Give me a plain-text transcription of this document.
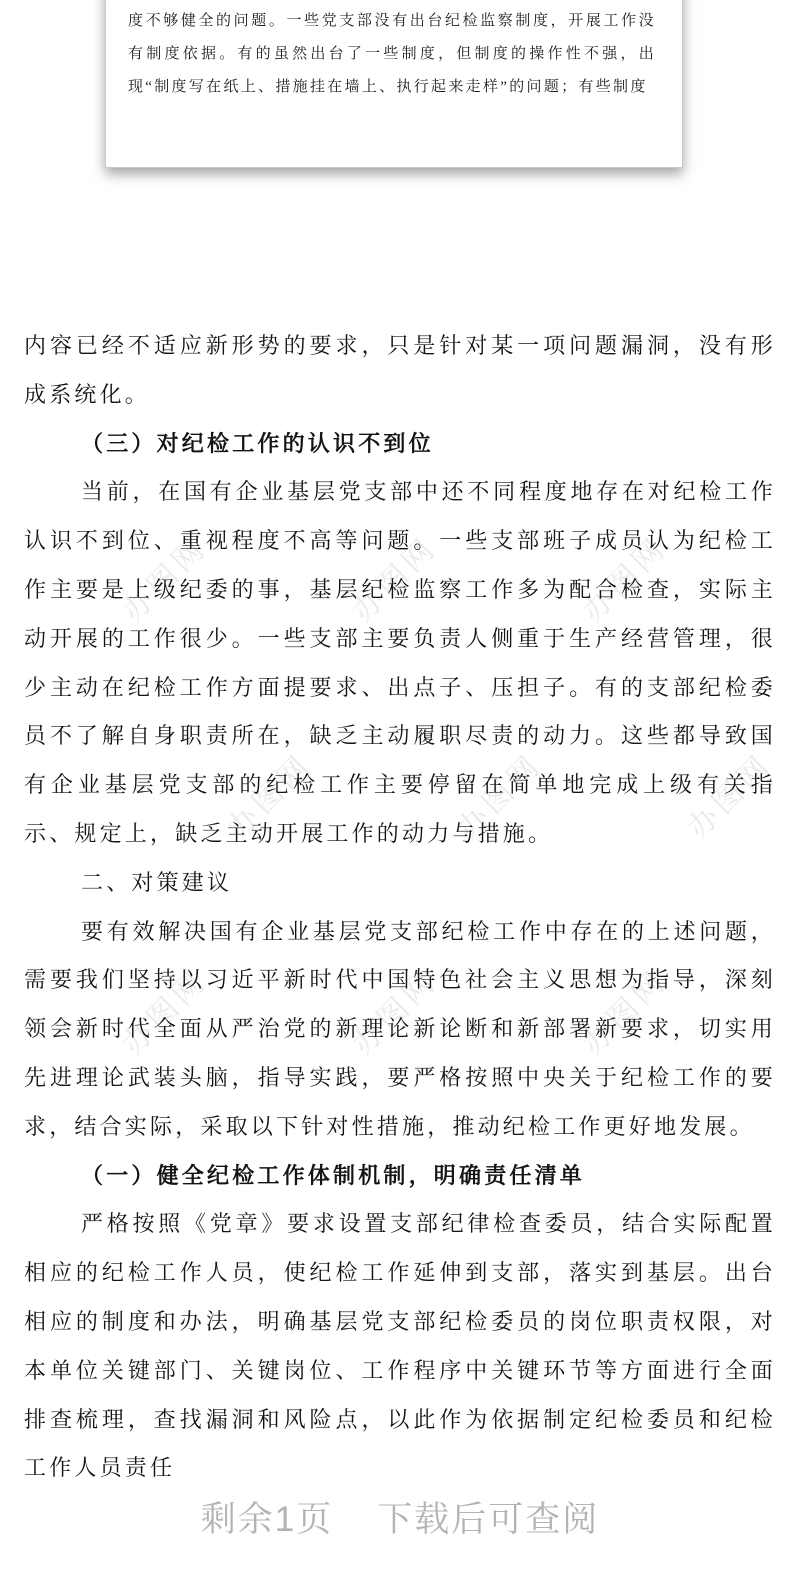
办图网	办图网	办图网
办图网	办图网	办图网
办图网	办图网	办图网

度不够健全的问题。一些党支部没有出台纪检监察制度，开展工作没有制度依据。有的虽然出台了一些制度，但制度的操作性不强，出现“制度写在纸上、措施挂在墙上、执行起来走样”的问题；有些制度

内容已经不适应新形势的要求，只是针对某一项问题漏洞，没有形成系统化。

（三）对纪检工作的认识不到位

当前，在国有企业基层党支部中还不同程度地存在对纪检工作认识不到位、重视程度不高等问题。一些支部班子成员认为纪检工作主要是上级纪委的事，基层纪检监察工作多为配合检查，实际主动开展的工作很少。一些支部主要负责人侧重于生产经营管理，很少主动在纪检工作方面提要求、出点子、压担子。有的支部纪检委员不了解自身职责所在，缺乏主动履职尽责的动力。这些都导致国有企业基层党支部的纪检工作主要停留在简单地完成上级有关指示、规定上，缺乏主动开展工作的动力与措施。

二、对策建议

要有效解决国有企业基层党支部纪检工作中存在的上述问题，需要我们坚持以习近平新时代中国特色社会主义思想为指导，深刻领会新时代全面从严治党的新理论新论断和新部署新要求，切实用先进理论武装头脑，指导实践，要严格按照中央关于纪检工作的要求，结合实际，采取以下针对性措施，推动纪检工作更好地发展。

（一）健全纪检工作体制机制，明确责任清单

严格按照《党章》要求设置支部纪律检查委员，结合实际配置相应的纪检工作人员，使纪检工作延伸到支部，落实到基层。出台相应的制度和办法，明确基层党支部纪检委员的岗位职责权限，对本单位关键部门、关键岗位、工作程序中关键环节等方面进行全面排查梳理，查找漏洞和风险点，以此作为依据制定纪检委员和纪检工作人员责任

剩余1页 下载后可查阅
